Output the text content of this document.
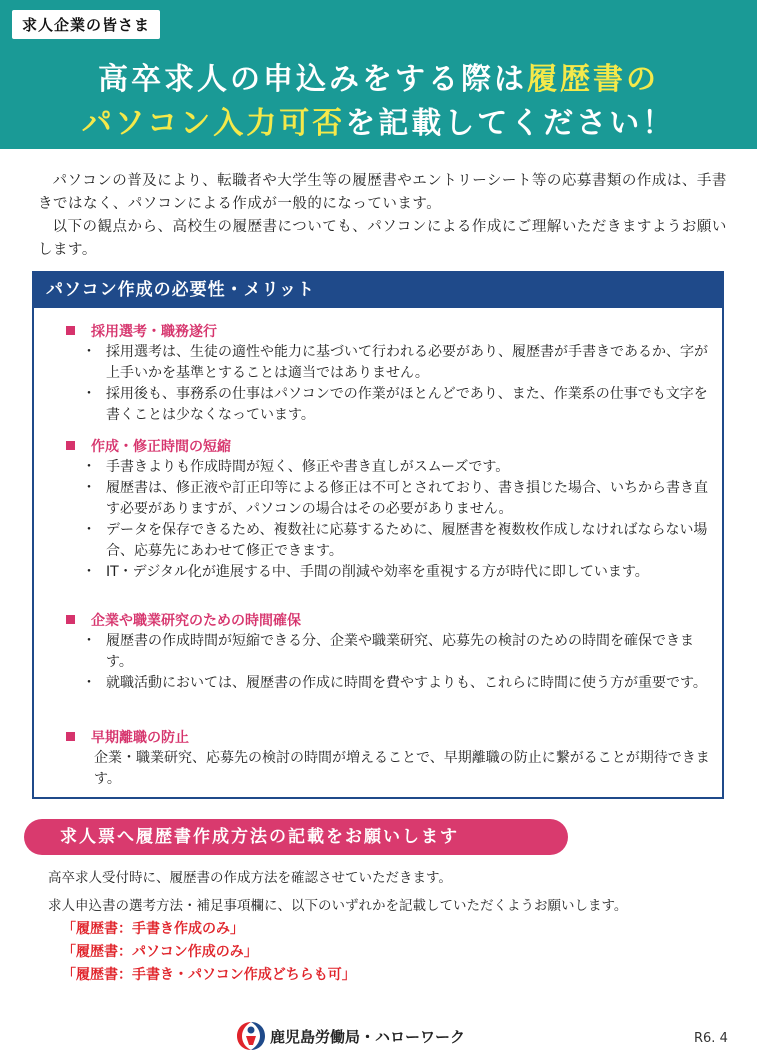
求人企業の皆さま
高卒求人の申込みをする際は履歴書の
パソコン入力可否を記載してください！

パソコンの普及により、転職者や大学生等の履歴書やエントリーシート等の応募書類の作成は、手書きではなく、パソコンによる作成が一般的になっています。

以下の観点から、高校生の履歴書についても、パソコンによる作成にご理解いただきますようお願いします。

パソコン作成の必要性・メリット
採用選考・職務遂行
・ 採用選考は、生徒の適性や能力に基づいて行われる必要があり、履歴書が手書きであるか、字が上手いかを基準とすることは適当ではありません。
・ 採用後も、事務系の仕事はパソコンでの作業がほとんどであり、また、作業系の仕事でも文字を書くことは少なくなっています。
作成・修正時間の短縮
・ 手書きよりも作成時間が短く、修正や書き直しがスムーズです。
・ 履歴書は、修正液や訂正印等による修正は不可とされており、書き損じた場合、いちから書き直す必要がありますが、パソコンの場合はその必要がありません。
・ データを保存できるため、複数社に応募するために、履歴書を複数枚作成しなければならない場合、応募先にあわせて修正できます。
・ IT・デジタル化が進展する中、手間の削減や効率を重視する方が時代に即しています。
企業や職業研究のための時間確保
・ 履歴書の作成時間が短縮できる分、企業や職業研究、応募先の検討のための時間を確保できます。
・ 就職活動においては、履歴書の作成に時間を費やすよりも、これらに時間に使う方が重要です。
早期離職の防止
企業・職業研究、応募先の検討の時間が増えることで、早期離職の防止に繋がることが期待できます。
求人票へ履歴書作成方法の記載をお願いします
高卒求人受付時に、履歴書の作成方法を確認させていただきます。
求人申込書の選考方法・補足事項欄に、以下のいずれかを記載していただくようお願いします。
「履歴書：手書き作成のみ」
「履歴書：パソコン作成のみ」
「履歴書：手書き・パソコン作成どちらも可」
鹿児島労働局・ハローワーク	R6. 4
